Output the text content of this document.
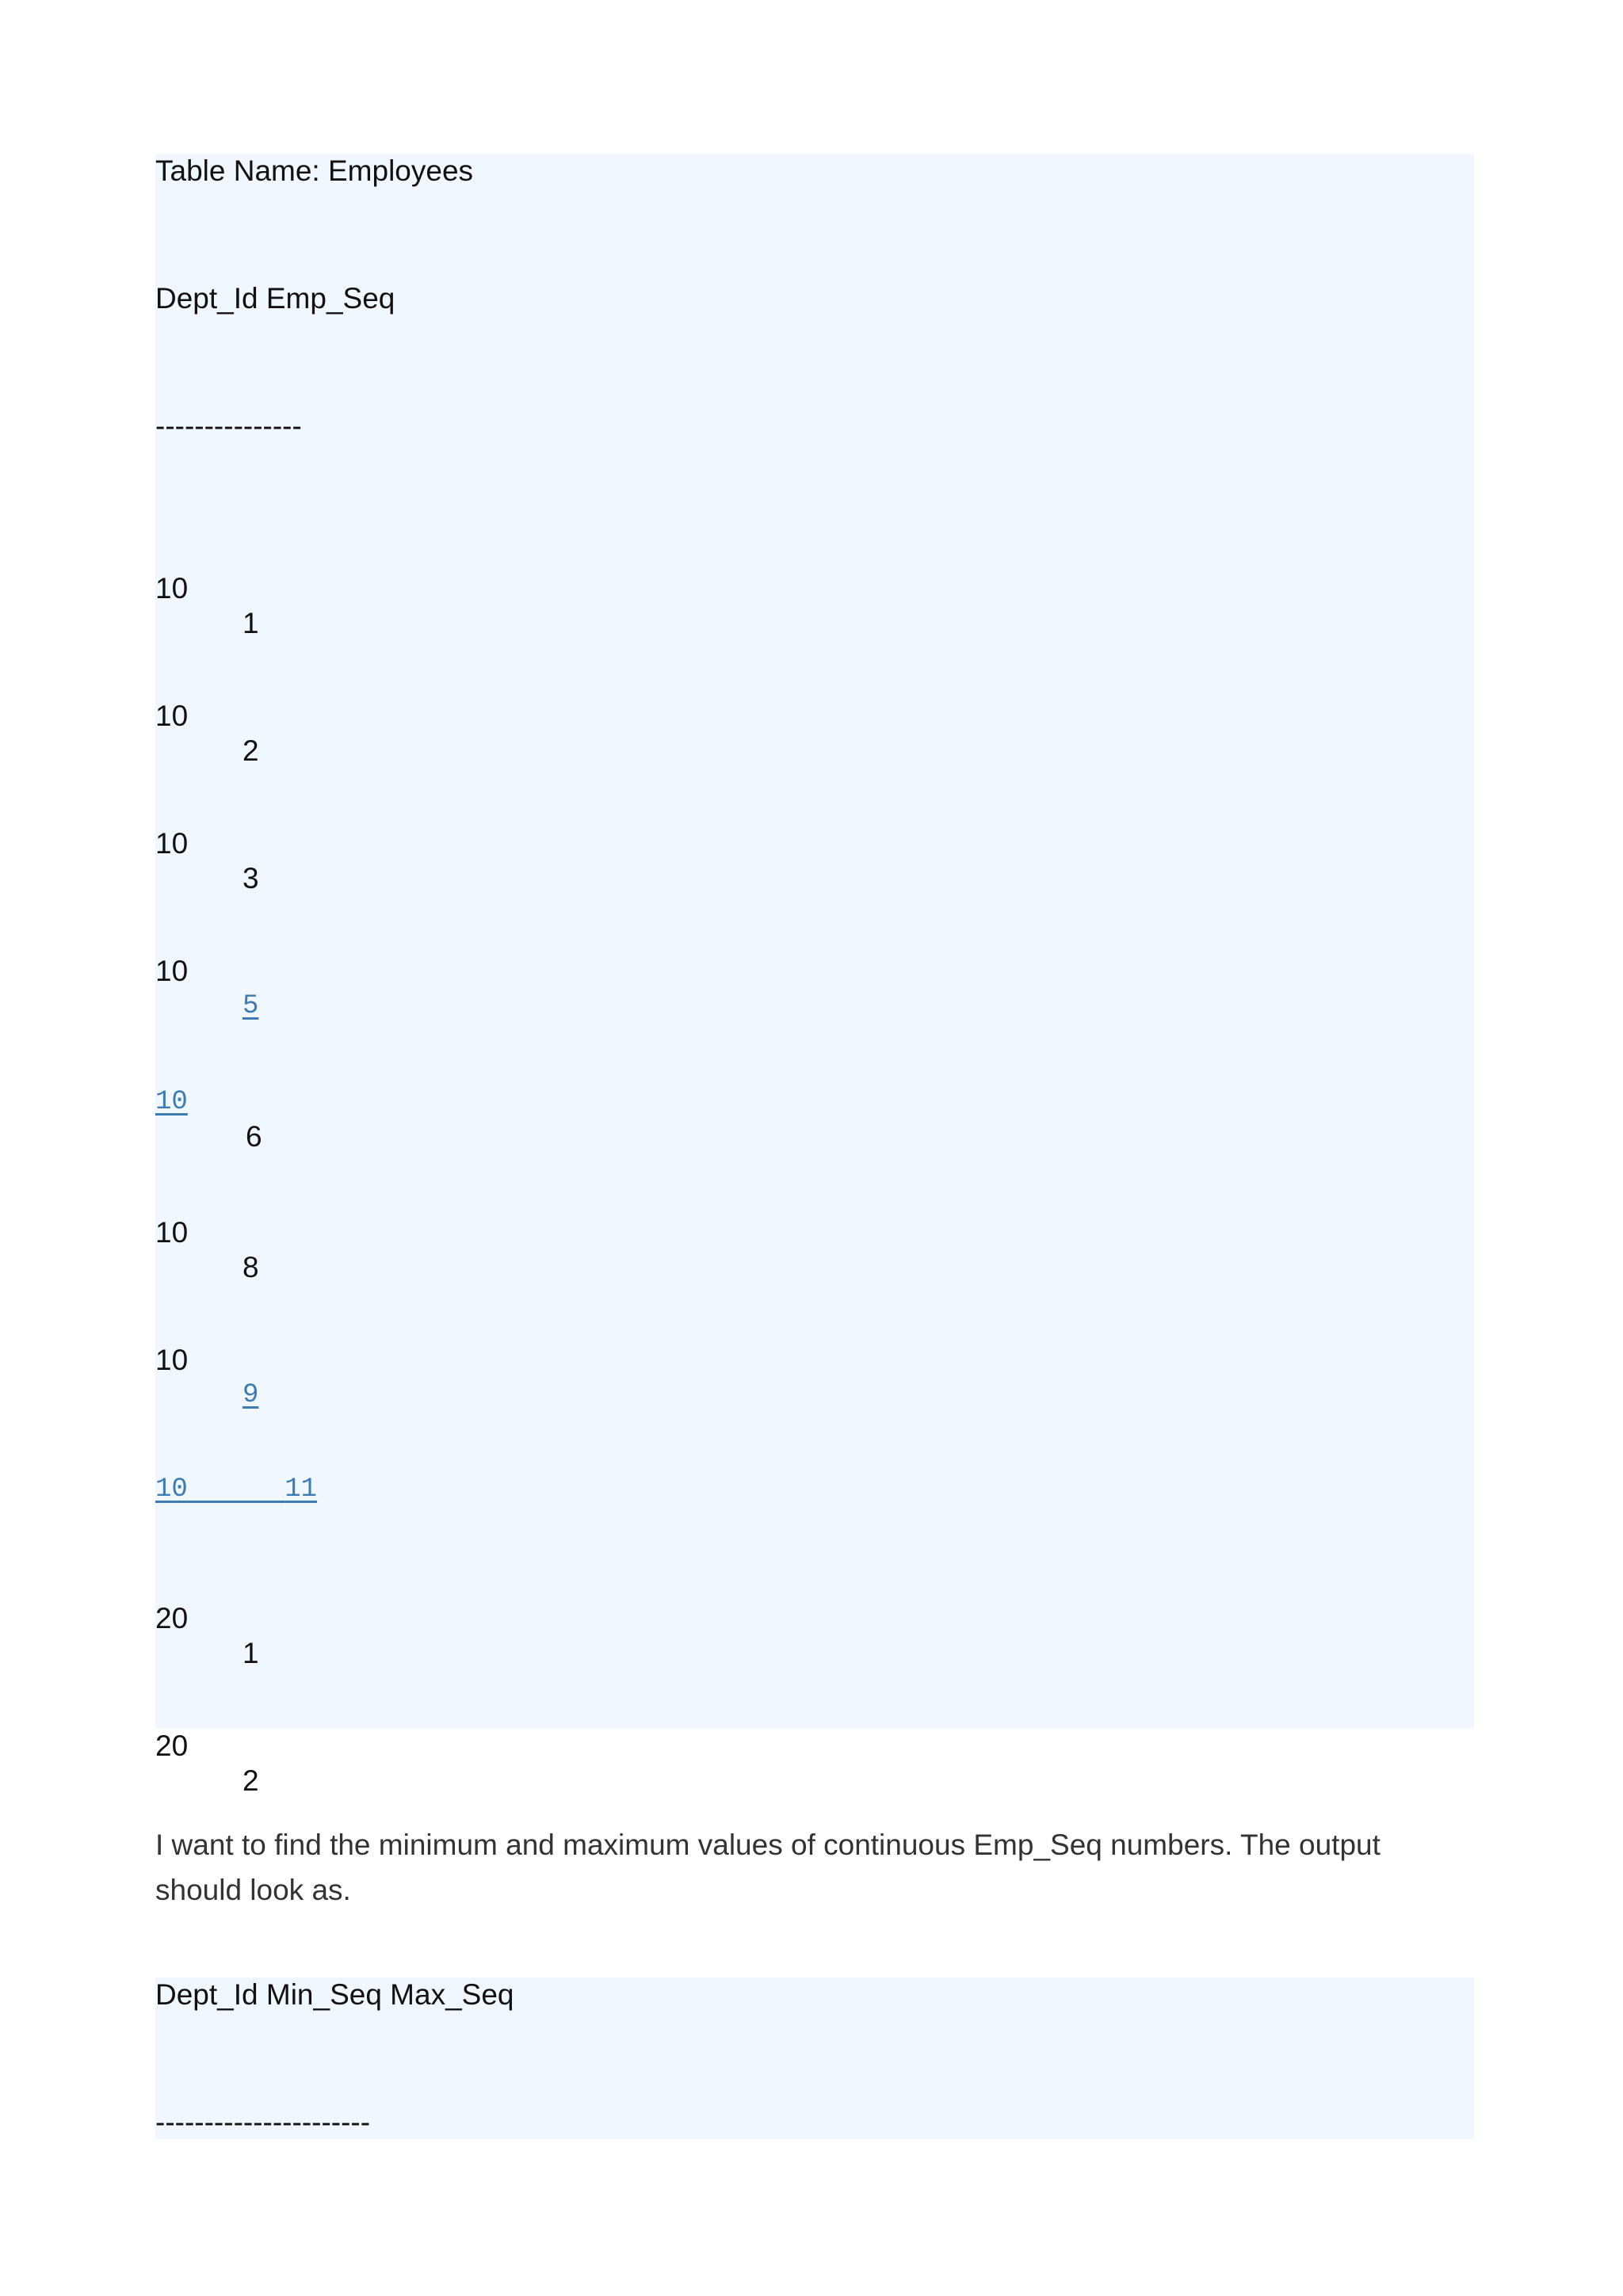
Table Name: Employees
Dept_Id Emp_Seq
---------------

10

1

10

2

10

3

10

5

10

6

10

8

10

9

10	11

20

1

20

2

I want to find the minimum and maximum values of continuous Emp_Seq numbers. The output should look as.

Dept_Id Min_Seq Max_Seq
----------------------
